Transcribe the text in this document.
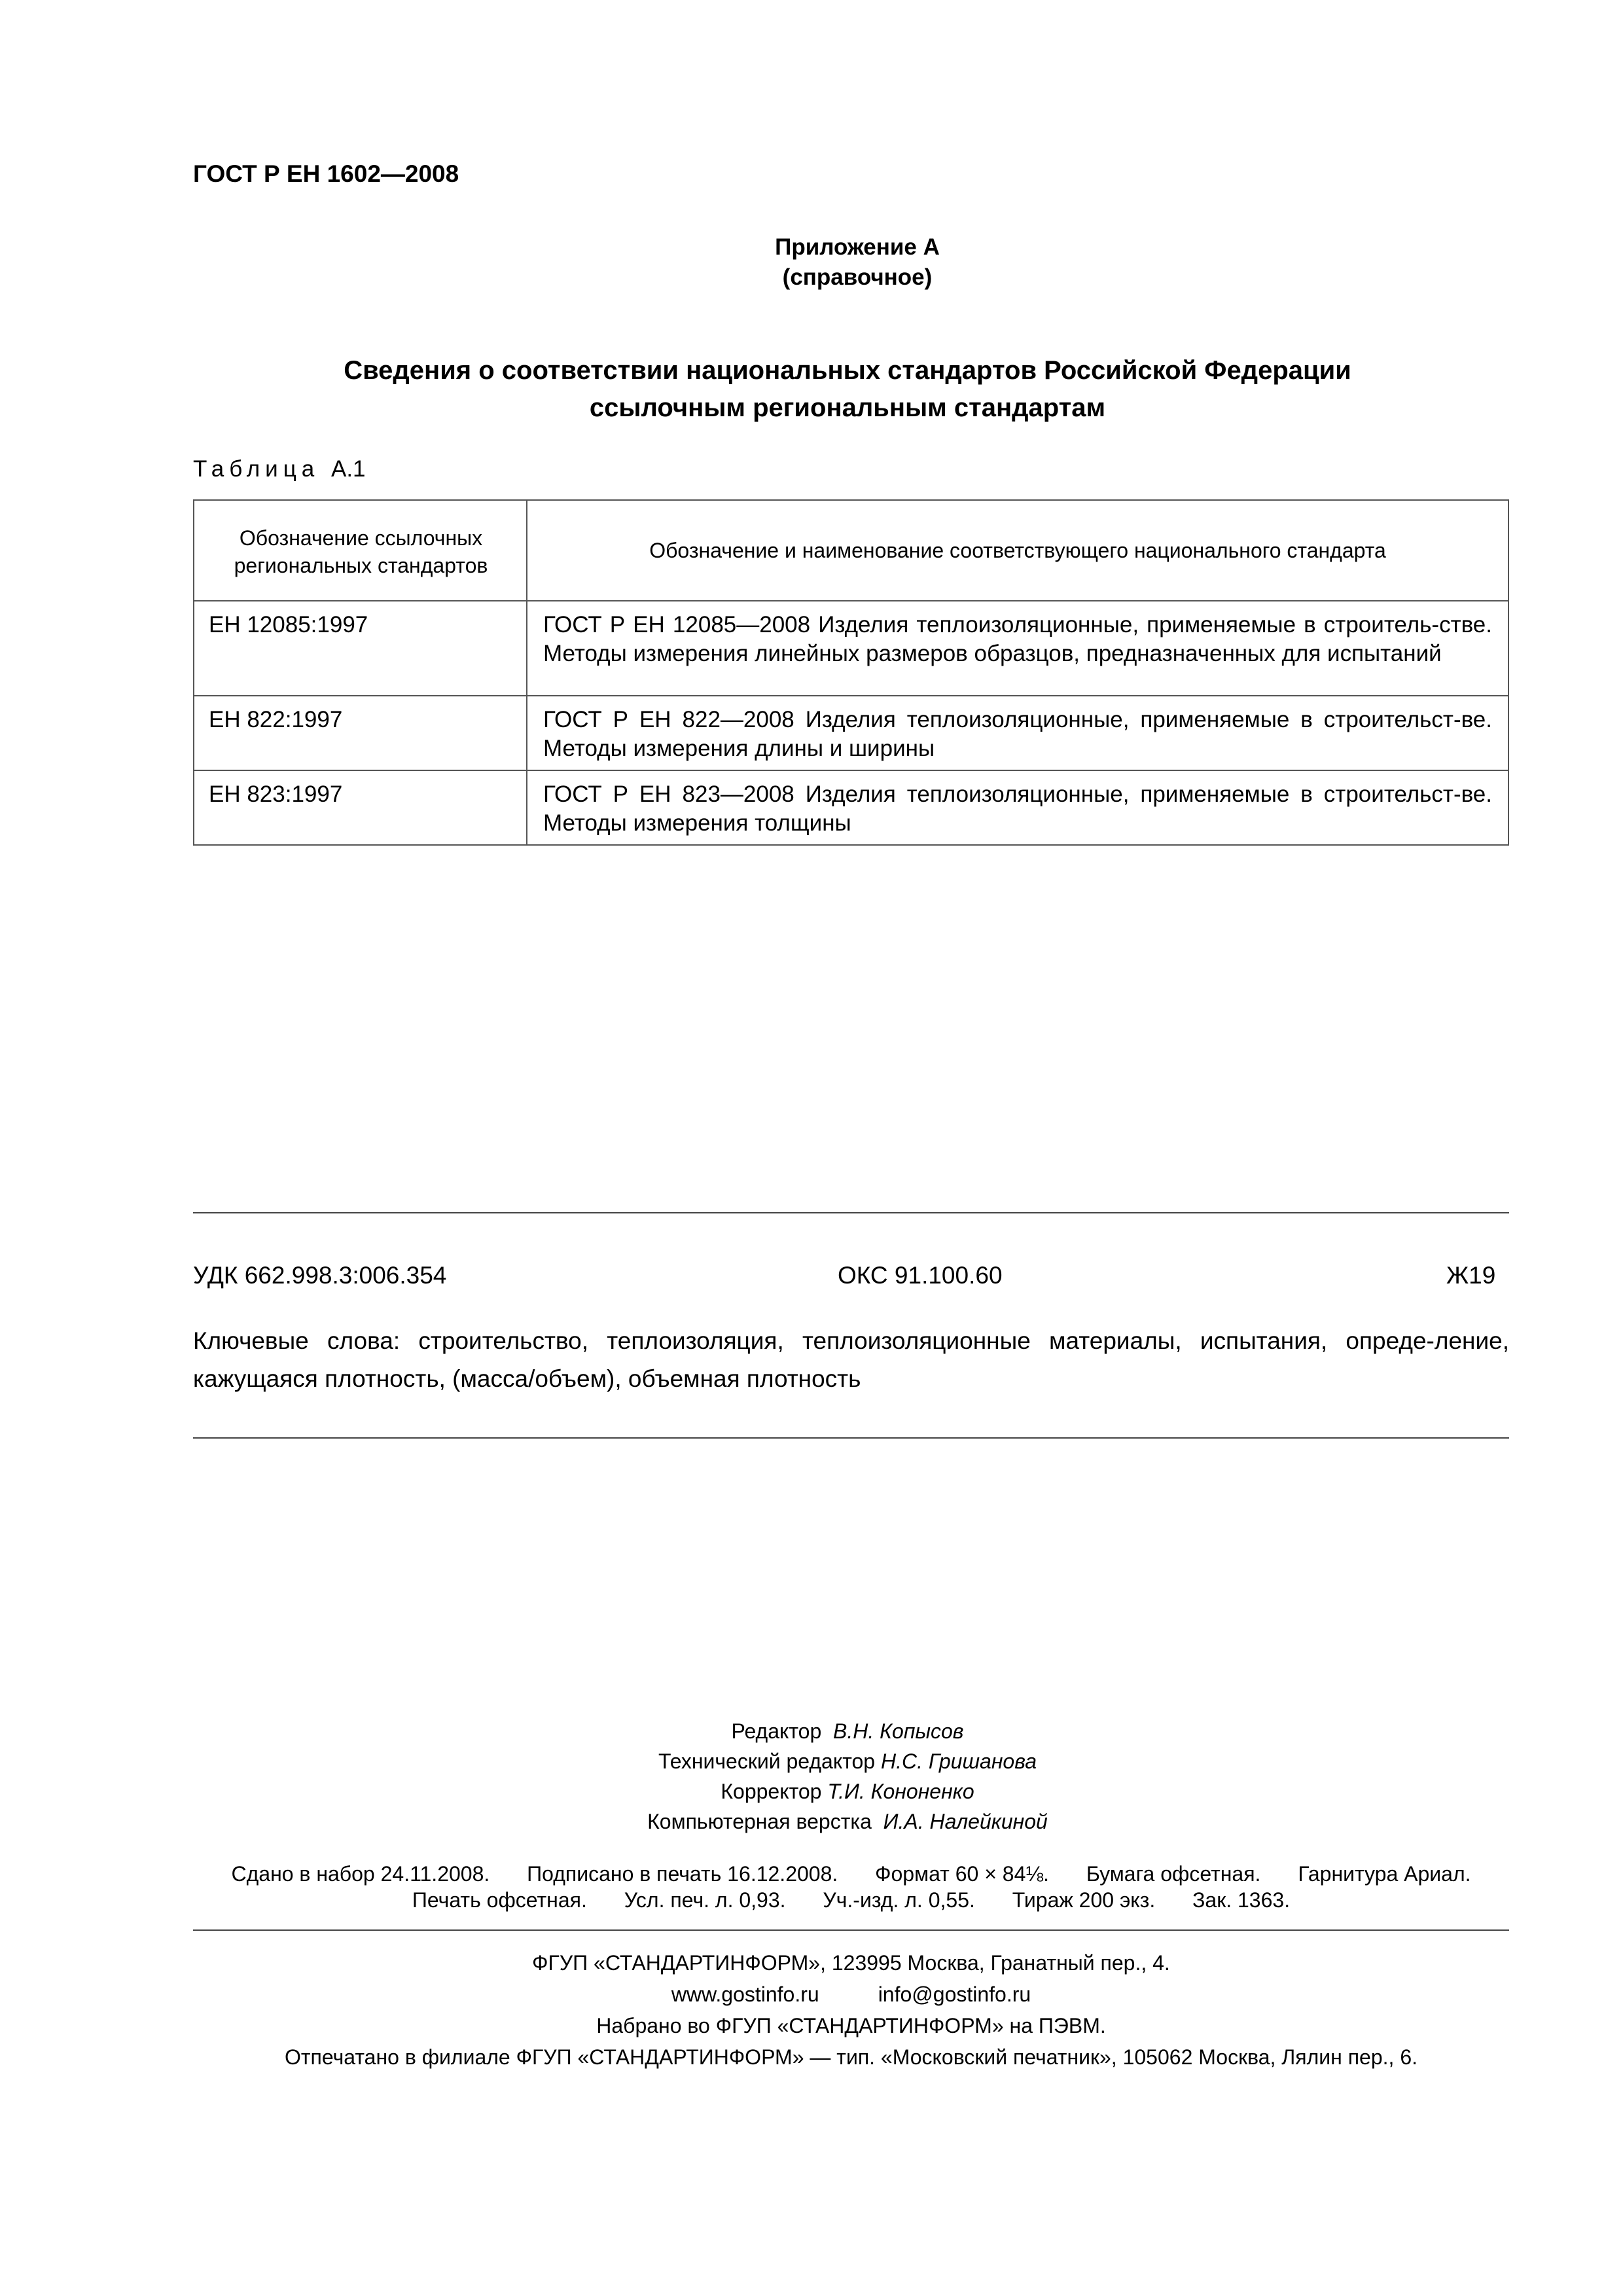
ГОСТ Р ЕН 1602—2008
Приложение А
(справочное)
Сведения о соответствии национальных стандартов Российской Федерации
ссылочным региональным стандартам
Таблица А.1
Обозначение ссылочных региональных стандартов	Обозначение и наименование соответствующего национального стандарта
ЕН 12085:1997	ГОСТ Р ЕН 12085—2008 Изделия теплоизоляционные, применяемые в строитель-стве. Методы измерения линейных размеров образцов, предназначенных для испытаний
ЕН 822:1997	ГОСТ Р ЕН 822—2008 Изделия теплоизоляционные, применяемые в строительст-ве. Методы измерения длины и ширины
ЕН 823:1997	ГОСТ Р ЕН 823—2008 Изделия теплоизоляционные, применяемые в строительст-ве. Методы измерения толщины
УДК 662.998.3:006.354	ОКС 91.100.60	Ж19
Ключевые слова: строительство, теплоизоляция, теплоизоляционные материалы, испытания, опреде-ление, кажущаяся плотность, (масса/объем), объемная плотность
Редактор В.Н. Копысов
Технический редактор Н.С. Гришанова
Корректор Т.И. Кононенко
Компьютерная верстка И.А. Налейкиной
Сдано в набор 24.11.2008. Подписано в печать 16.12.2008. Формат 60 × 84⅛. Бумага офсетная. Гарнитура Ариал.
Печать офсетная. Усл. печ. л. 0,93. Уч.-изд. л. 0,55. Тираж 200 экз. Зак. 1363.
ФГУП «СТАНДАРТИНФОРМ», 123995 Москва, Гранатный пер., 4.
www.gostinfo.ru	info@gostinfo.ru
Набрано во ФГУП «СТАНДАРТИНФОРМ» на ПЭВМ.
Отпечатано в филиале ФГУП «СТАНДАРТИНФОРМ» — тип. «Московский печатник», 105062 Москва, Лялин пер., 6.
